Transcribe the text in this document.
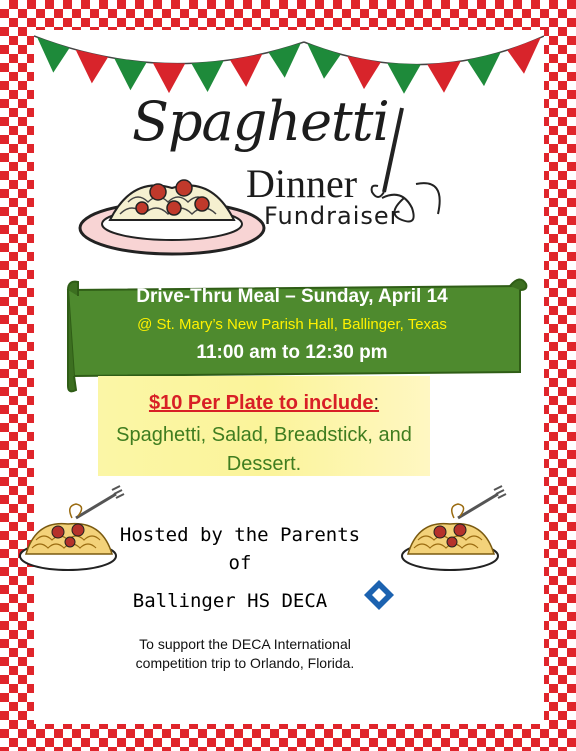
Spaghetti
Dinner
Fundraiser
Drive-Thru Meal – Sunday, April 14
@ St. Mary’s New Parish Hall, Ballinger, Texas
11:00 am to 12:30 pm
$10 Per Plate to include:
Spaghetti, Salad, Breadstick, and
Dessert.
Hosted by the Parents
of
Ballinger HS DECA
To support the DECA International
competition trip to Orlando, Florida.
